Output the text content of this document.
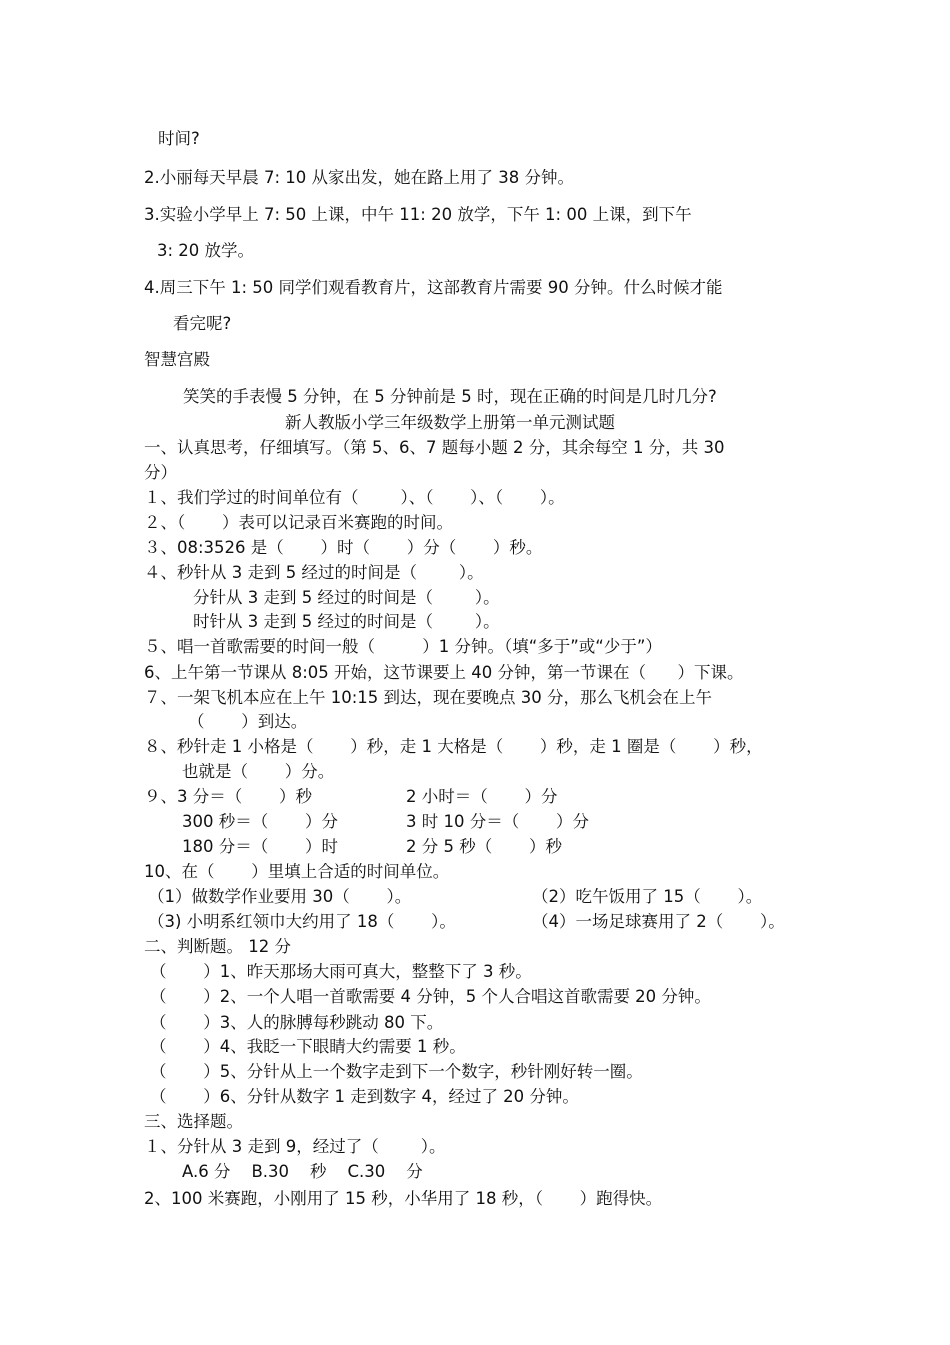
时间?
2.小丽每天早晨 7: 10 从家出发，她在路上用了 38 分钟。
3.实验小学早上 7: 50 上课，中午 11: 20 放学，下午 1: 00 上课，到下午
3: 20 放学。
4.周三下午 1: 50 同学们观看教育片，这部教育片需要 90 分钟。什么时候才能
看完呢?
智慧宫殿
笑笑的手表慢 5 分钟，在 5 分钟前是 5 时，现在正确的时间是几时几分?
新人教版小学三年级数学上册第一单元测试题
一、认真思考，仔细填写。（第 5、6、7 题每小题 2 分，其余每空 1 分，共 30
分）
１、我们学过的时间单位有（        ）、（       ）、（       ）。
２、（       ）表可以记录百米赛跑的时间。
３、08:3526 是（       ）时（       ）分（       ）秒。
４、秒针从 3 走到 5 经过的时间是（        ）。
分针从 3 走到 5 经过的时间是（        ）。
时针从 3 走到 5 经过的时间是（        ）。
５、唱一首歌需要的时间一般（         ）1 分钟。（填“多于”或“少于”）
6、上午第一节课从 8:05 开始，这节课要上 40 分钟，第一节课在（      ）下课。
７、一架飞机本应在上午 10:15 到达，现在要晚点 30 分，那么飞机会在上午
（       ）到达。
８、秒针走 1 小格是（       ）秒，走 1 大格是（       ）秒，走 1 圈是（       ）秒，
也就是（       ）分。
９、3 分＝（       ）秒	2 小时＝（       ）分
300 秒＝（       ）分	3 时 10 分＝（       ）分
180 分＝（       ）时	2 分 5 秒（       ）秒
10、在（       ）里填上合适的时间单位。
（1）做数学作业要用 30（       ）。	（2）吃午饭用了 15（       ）。
（3) 小明系红领巾大约用了 18（       ）。	（4）一场足球赛用了 2（       ）。
二、判断题。 12 分
（       ）1、昨天那场大雨可真大，整整下了 3 秒。
（       ）2、一个人唱一首歌需要 4 分钟，5 个人合唱这首歌需要 20 分钟。
（       ）3、人的脉膊每秒跳动 80 下。
（       ）4、我眨一下眼睛大约需要 1 秒。
（       ）5、分针从上一个数字走到下一个数字，秒针刚好转一圈。
（       ）6、分针从数字 1 走到数字 4，经过了 20 分钟。
三、选择题。
１、分针从 3 走到 9，经过了（        ）。
A.6 分    B.30    秒    C.30    分
2、100 米赛跑，小刚用了 15 秒，小华用了 18 秒，（       ）跑得快。
